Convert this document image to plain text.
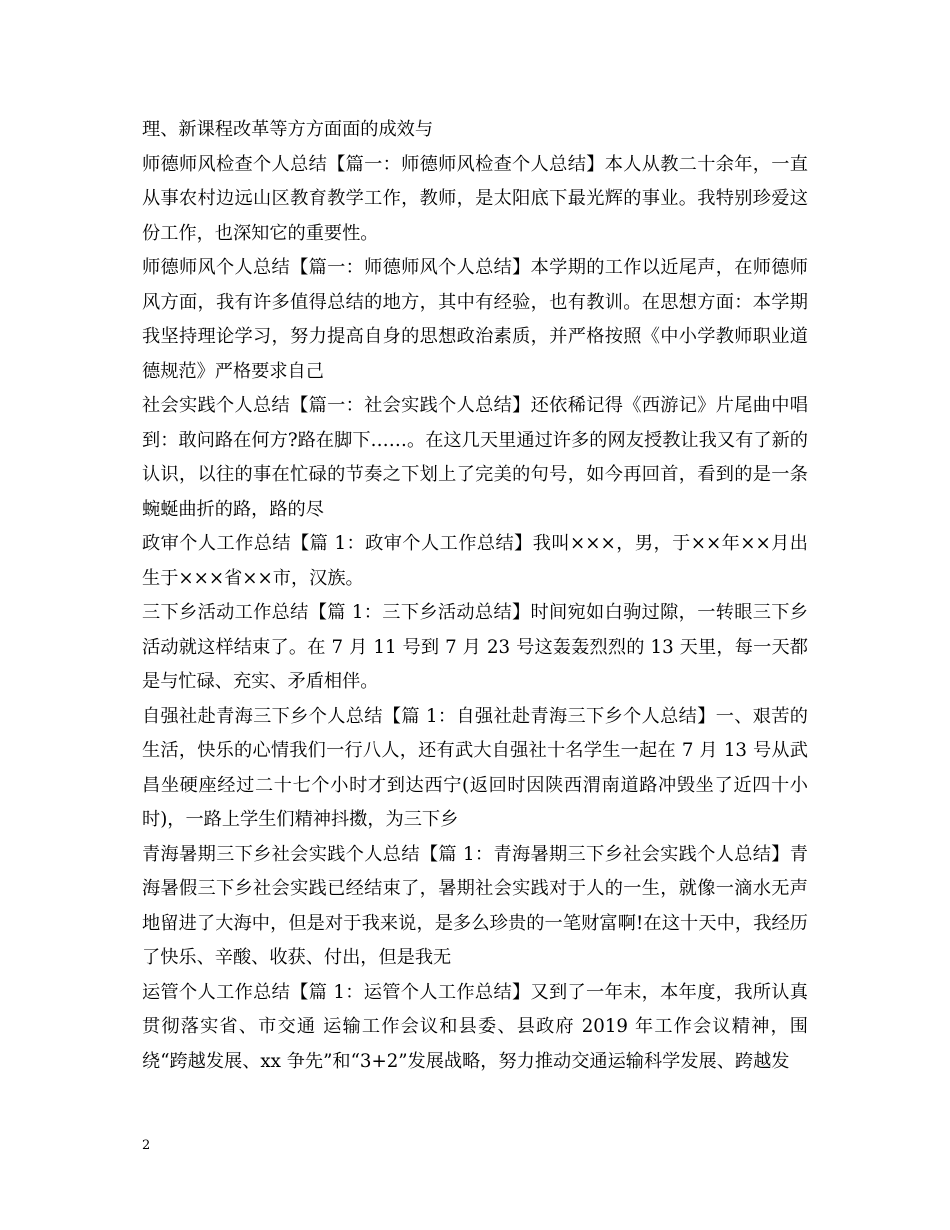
理、新课程改革等方方面面的成效与

师德师风检查个人总结【篇一：师德师风检查个人总结】本人从教二十余年，一直从事农村边远山区教育教学工作，教师，是太阳底下最光辉的事业。我特别珍爱这份工作，也深知它的重要性。

师德师风个人总结【篇一：师德师风个人总结】本学期的工作以近尾声，在师德师风方面，我有许多值得总结的地方，其中有经验，也有教训。在思想方面：本学期我坚持理论学习，努力提高自身的思想政治素质，并严格按照《中小学教师职业道德规范》严格要求自己

社会实践个人总结【篇一：社会实践个人总结】还依稀记得《西游记》片尾曲中唱到：敢问路在何方?路在脚下……。在这几天里通过许多的网友授教让我又有了新的认识，以往的事在忙碌的节奏之下划上了完美的句号，如今再回首，看到的是一条蜿蜒曲折的路，路的尽

政审个人工作总结【篇 1：政审个人工作总结】我叫×××，男，于××年××月出生于×××省××市，汉族。

三下乡活动工作总结【篇 1：三下乡活动总结】时间宛如白驹过隙，一转眼三下乡活动就这样结束了。在 7 月 11 号到 7 月 23 号这轰轰烈烈的 13 天里，每一天都是与忙碌、充实、矛盾相伴。

自强社赴青海三下乡个人总结【篇 1：自强社赴青海三下乡个人总结】一、艰苦的生活，快乐的心情我们一行八人，还有武大自强社十名学生一起在 7 月 13 号从武昌坐硬座经过二十七个小时才到达西宁(返回时因陕西渭南道路冲毁坐了近四十小时)，一路上学生们精神抖擞，为三下乡

青海暑期三下乡社会实践个人总结【篇 1：青海暑期三下乡社会实践个人总结】青海暑假三下乡社会实践已经结束了，暑期社会实践对于人的一生，就像一滴水无声地留进了大海中，但是对于我来说，是多么珍贵的一笔财富啊!在这十天中，我经历了快乐、辛酸、收获、付出，但是我无

运管个人工作总结【篇 1：运管个人工作总结】又到了一年末，本年度，我所认真贯彻落实省、市交通 运输工作会议和县委、县政府 2019 年工作会议精神，围绕“跨越发展、xx 争先”和“3+2”发展战略，努力推动交通运输科学发展、跨越发

2
